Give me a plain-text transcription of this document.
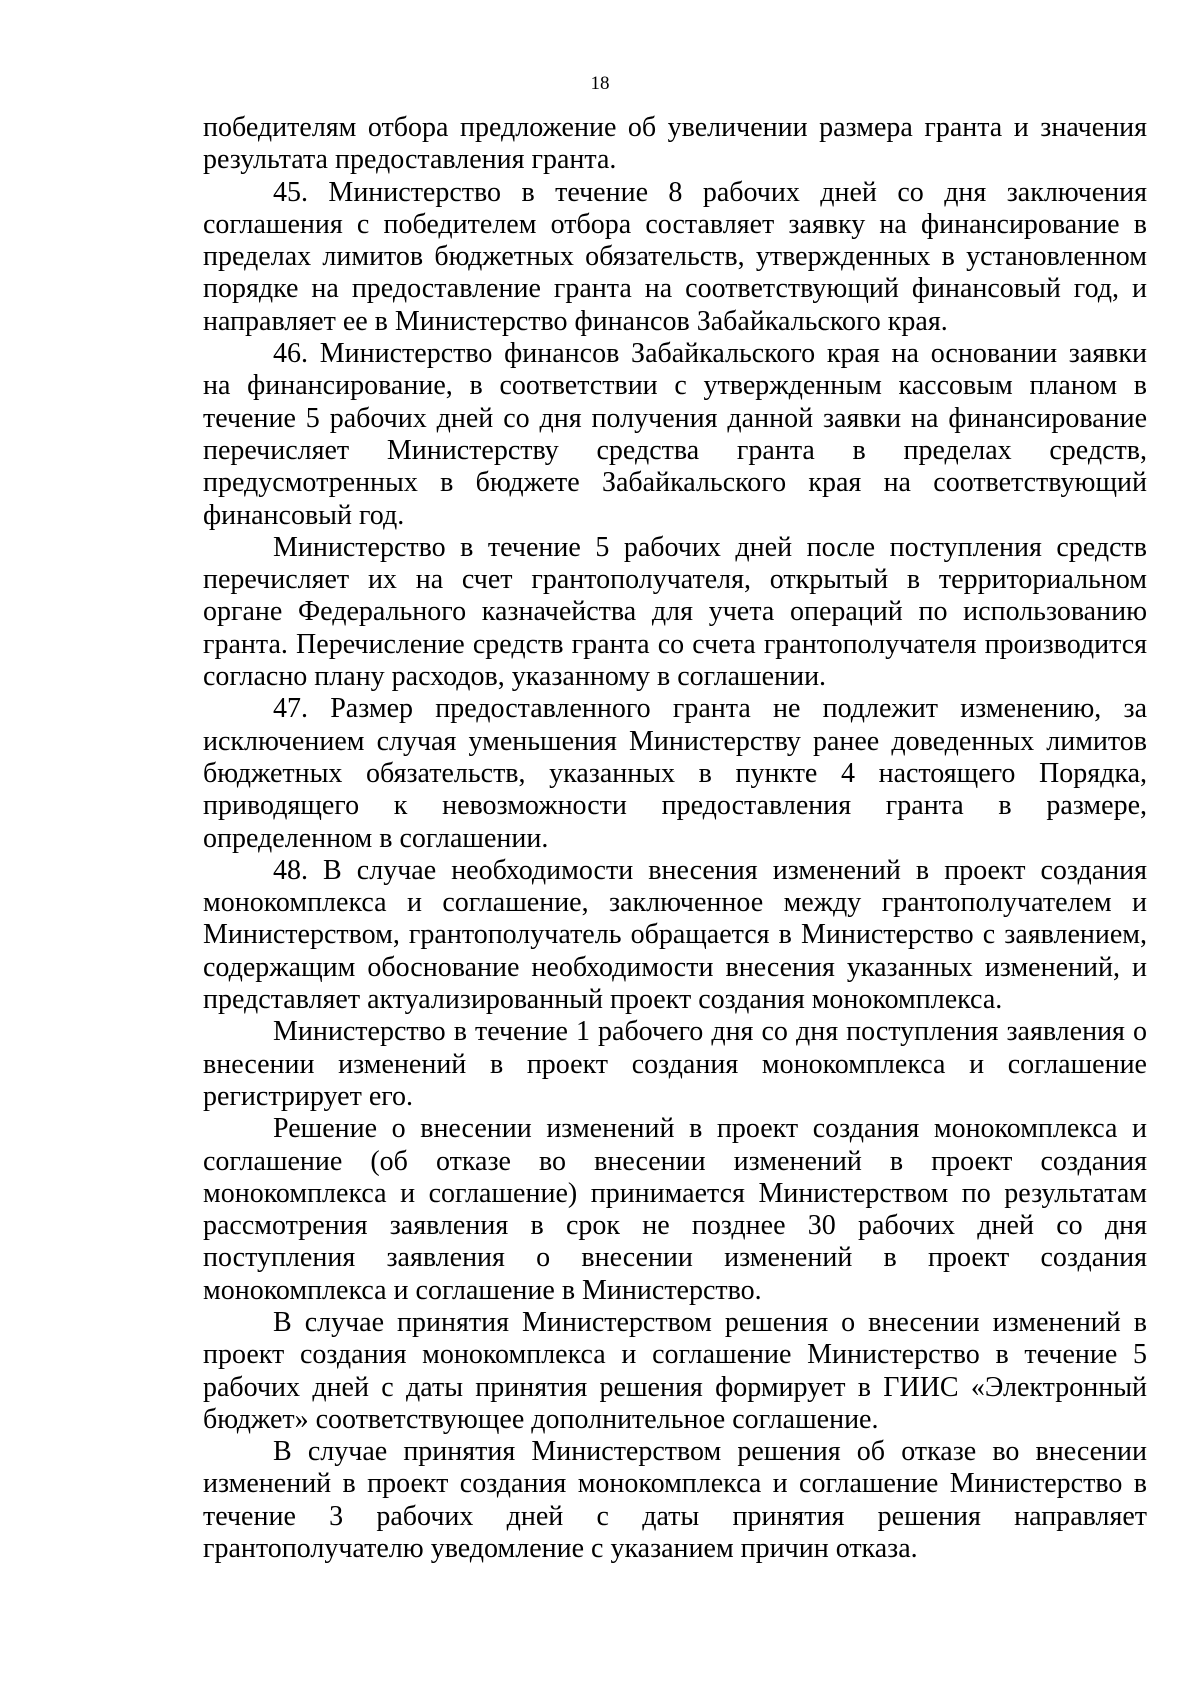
18

победителям отбора предложение об увеличении размера гранта и значения результата предоставления гранта.

45. Министерство в течение 8 рабочих дней со дня заключения соглашения с победителем отбора составляет заявку на финансирование в пределах лимитов бюджетных обязательств, утвержденных в установленном порядке на предоставление гранта на соответствующий финансовый год, и направляет ее в Министерство финансов Забайкальского края.

46. Министерство финансов Забайкальского края на основании заявки на финансирование, в соответствии с утвержденным кассовым планом в течение 5 рабочих дней со дня получения данной заявки на финансирование перечисляет Министерству средства гранта в пределах средств, предусмотренных в бюджете Забайкальского края на соответствующий финансовый год.

Министерство в течение 5 рабочих дней после поступления средств перечисляет их на счет грантополучателя, открытый в территориальном органе Федерального казначейства для учета операций по использованию гранта. Перечисление средств гранта со счета грантополучателя производится согласно плану расходов, указанному в соглашении.

47. Размер предоставленного гранта не подлежит изменению, за исключением случая уменьшения Министерству ранее доведенных лимитов бюджетных обязательств, указанных в пункте 4 настоящего Порядка, приводящего к невозможности предоставления гранта в размере, определенном в соглашении.

48. В случае необходимости внесения изменений в проект создания монокомплекса и соглашение, заключенное между грантополучателем и Министерством, грантополучатель обращается в Министерство с заявлением, содержащим обоснование необходимости внесения указанных изменений, и представляет актуализированный проект создания монокомплекса.

Министерство в течение 1 рабочего дня со дня поступления заявления о внесении изменений в проект создания монокомплекса и соглашение регистрирует его.

Решение о внесении изменений в проект создания монокомплекса и соглашение (об отказе во внесении изменений в проект создания монокомплекса и соглашение) принимается Министерством по результатам рассмотрения заявления в срок не позднее 30 рабочих дней со дня поступления заявления о внесении изменений в проект создания монокомплекса и соглашение в Министерство.

В случае принятия Министерством решения о внесении изменений в проект создания монокомплекса и соглашение Министерство в течение 5 рабочих дней с даты принятия решения формирует в ГИИС «Электронный бюджет» соответствующее дополнительное соглашение.

В случае принятия Министерством решения об отказе во внесении изменений в проект создания монокомплекса и соглашение Министерство в течение 3 рабочих дней с даты принятия решения направляет грантополучателю уведомление с указанием причин отказа.
